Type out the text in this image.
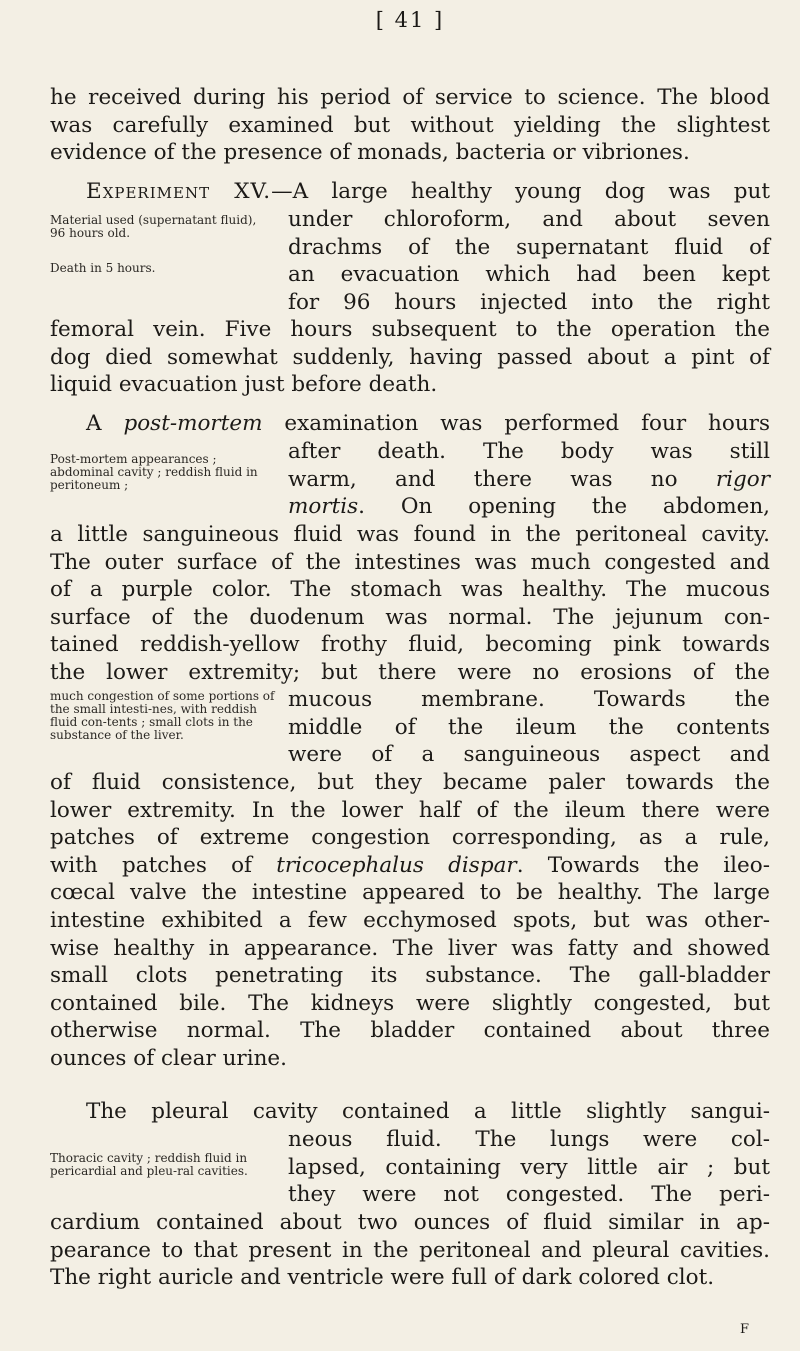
[ 41 ]
he received during his period of service to science. The blood
was carefully examined but without yielding the slightest
evidence of the presence of monads, bacteria or vibriones.
Experiment XV.—A large healthy young dog was put
Material used (supernatant fluid), 96 hours old.
Death in 5 hours.
under chloroform, and about seven
drachms of the supernatant fluid of
an evacuation which had been kept
for 96 hours injected into the right
femoral vein. Five hours subsequent to the operation the
dog died somewhat suddenly, having passed about a pint of
liquid evacuation just before death.
A post-mortem examination was performed four hours
Post-mortem appearances ; abdominal cavity ; reddish fluid in peritoneum ;
after death. The body was still
warm, and there was no rigor
mortis. On opening the abdomen,
a little sanguineous fluid was found in the peritoneal cavity.
The outer surface of the intestines was much congested and
of a purple color. The stomach was healthy. The mucous
surface of the duodenum was normal. The jejunum con-
tained reddish-yellow frothy fluid, becoming pink towards
the lower extremity; but there were no erosions of the
much congestion of some portions of the small intesti-nes, with reddish fluid con-tents ; small clots in the substance of the liver.
mucous membrane. Towards the
middle of the ileum the contents
were of a sanguineous aspect and
of fluid consistence, but they became paler towards the
lower extremity. In the lower half of the ileum there were
patches of extreme congestion corresponding, as a rule,
with patches of tricocephalus dispar. Towards the ileo-
cœcal valve the intestine appeared to be healthy. The large
intestine exhibited a few ecchymosed spots, but was other-
wise healthy in appearance. The liver was fatty and showed
small clots penetrating its substance. The gall-bladder
contained bile. The kidneys were slightly congested, but
otherwise normal. The bladder contained about three
ounces of clear urine.
The pleural cavity contained a little slightly sangui-
Thoracic cavity ; reddish fluid in pericardial and pleu-ral cavities.
neous fluid. The lungs were col-
lapsed, containing very little air ; but
they were not congested. The peri-
cardium contained about two ounces of fluid similar in ap-
pearance to that present in the peritoneal and pleural cavities.
The right auricle and ventricle were full of dark colored clot.
F
